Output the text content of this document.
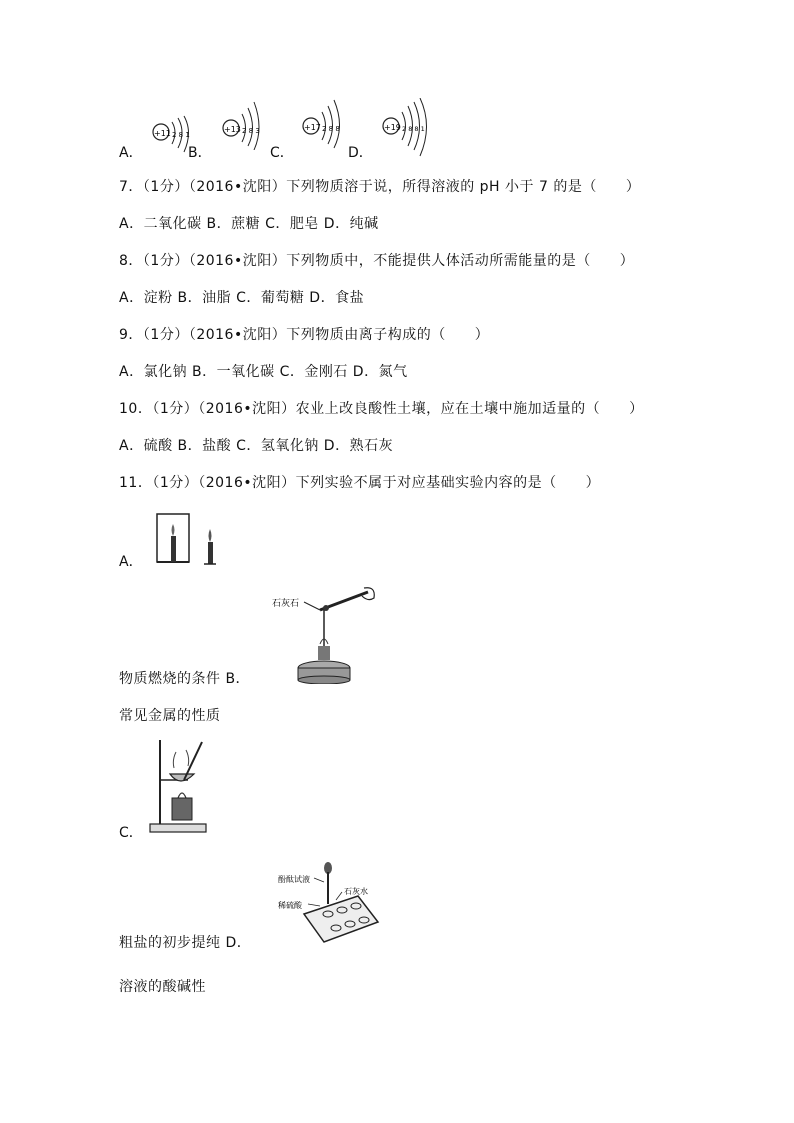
A．
+11 2 8 1
B．
+13 2 8 3
C．
+17 2 8 8
D．
+19 2 8 8 1
7．（1分）（2016•沈阳）下列物质溶于说，所得溶液的 pH 小于 7 的是（　　）
A．二氧化碳 B．蔗糖 C．肥皂 D．纯碱
8．（1分）（2016•沈阳）下列物质中，不能提供人体活动所需能量的是（　　）
A．淀粉 B．油脂 C．葡萄糖 D．食盐
9．（1分）（2016•沈阳）下列物质由离子构成的（　　）
A．氯化钠 B．一氧化碳 C．金刚石 D．氮气
10．（1分）（2016•沈阳）农业上改良酸性土壤，应在土壤中施加适量的（　　）
A．硫酸 B．盐酸 C．氢氧化钠 D．熟石灰
11．（1分）（2016•沈阳）下列实验不属于对应基础实验内容的是（　　）
A．
石灰石
物质燃烧的条件 B．
常见金属的性质
C．
酚酞试液
稀硫酸
石灰水
粗盐的初步提纯 D．
溶液的酸碱性
